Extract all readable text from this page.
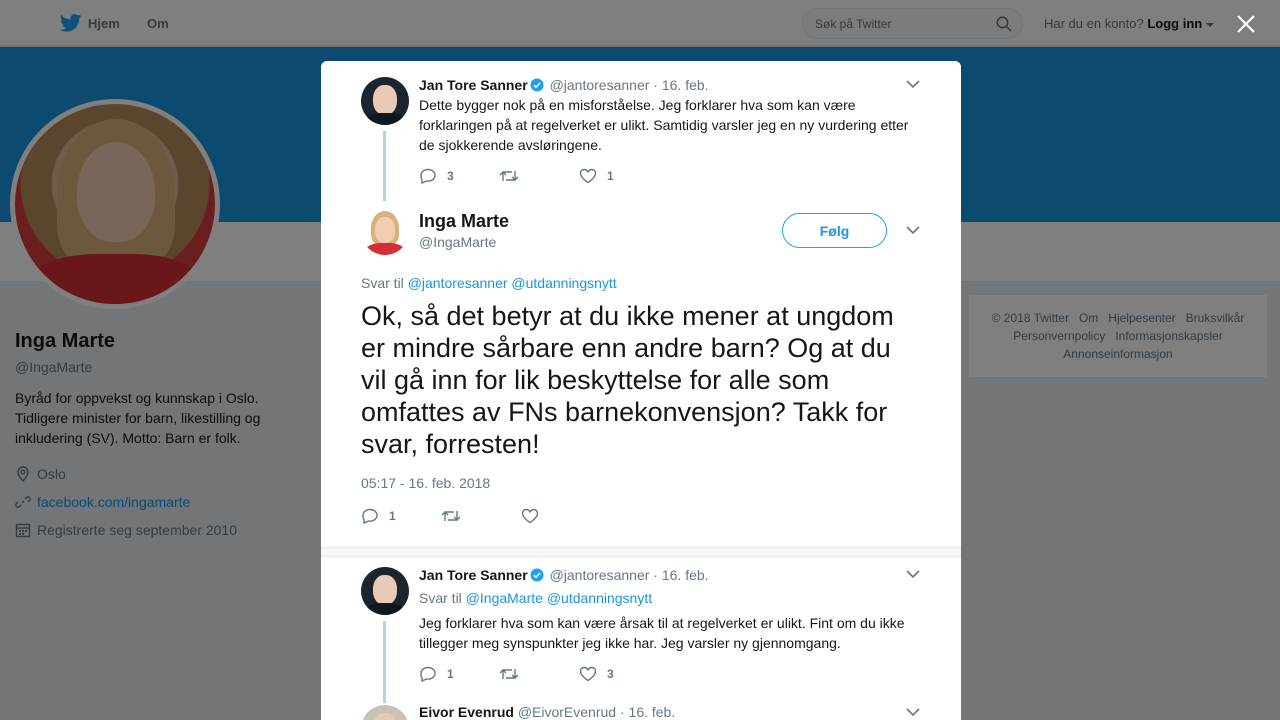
Søk på Twitter

Jan Tore Sanner @jantoresanner · 16. feb.
Dette bygger nok på en misforståelse. Jeg forklarer hva som kan være forklaringen på at regelverket er ulikt. Samtidig varsler jeg en ny vurdering etter de sjokkerende avsløringene.
3	1
Inga Marte
@IngaMarte
Følg
Svar til @jantoresanner @utdanningsnytt
Ok, så det betyr at du ikke mener at ungdom er mindre sårbare enn andre barn? Og at du vil gå inn for lik beskyttelse for alle som omfattes av FNs barnekonvensjon? Takk for svar, forresten!
05:17 - 16. feb. 2018
1
Jan Tore Sanner @jantoresanner · 16. feb.
Svar til @IngaMarte @utdanningsnytt
Jeg forklarer hva som kan være årsak til at regelverket er ulikt. Fint om du ikke tillegger meg synspunkter jeg ikke har. Jeg varsler ny gjennomgang.
1	3
Eivor Evenrud @EivorEvenrud · 16. feb.
